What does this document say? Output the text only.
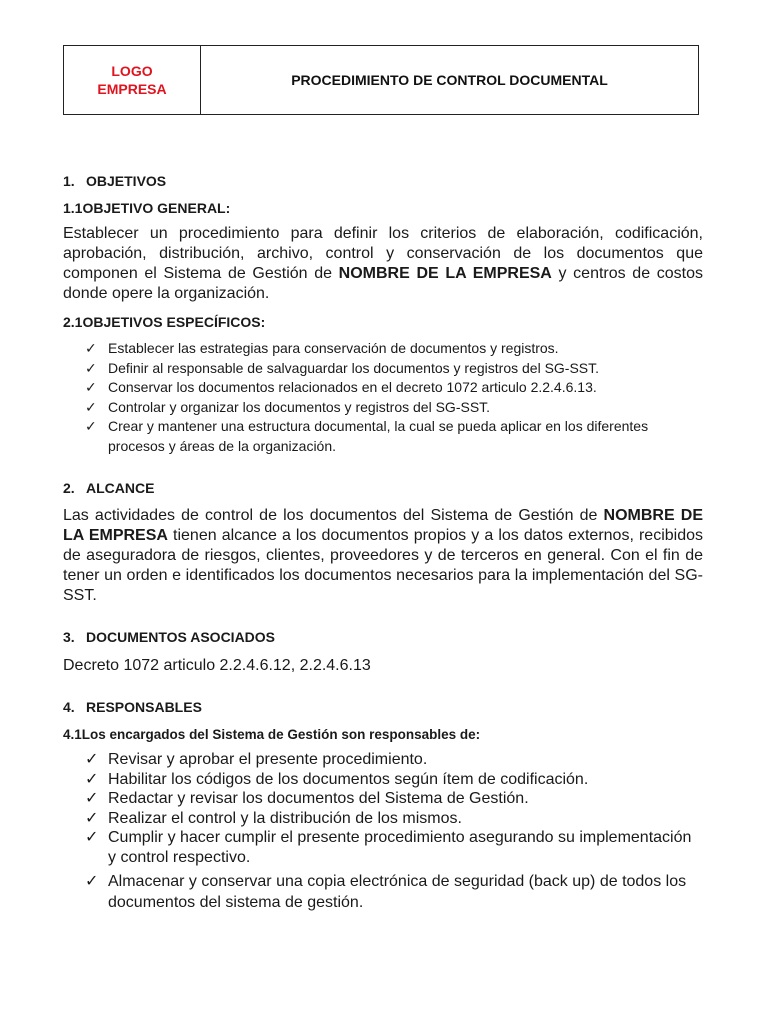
LOGO
EMPRESA
PROCEDIMIENTO DE CONTROL DOCUMENTAL
1. OBJETIVOS
1.1OBJETIVO GENERAL:

Establecer un procedimiento para definir los criterios de elaboración, codificación, aprobación, distribución, archivo, control y conservación de los documentos que componen el Sistema de Gestión de NOMBRE DE LA EMPRESA y centros de costos donde opere la organización.

2.1OBJETIVOS ESPECÍFICOS:
✓ Establecer las estrategias para conservación de documentos y registros.
✓ Definir al responsable de salvaguardar los documentos y registros del SG-SST.
✓ Conservar los documentos relacionados en el decreto 1072 articulo 2.2.4.6.13.
✓ Controlar y organizar los documentos y registros del SG-SST.
✓ Crear y mantener una estructura documental, la cual se pueda aplicar en los diferentes procesos y áreas de la organización.
2. ALCANCE

Las actividades de control de los documentos del Sistema de Gestión de NOMBRE DE LA EMPRESA tienen alcance a los documentos propios y a los datos externos, recibidos de aseguradora de riesgos, clientes, proveedores y de terceros en general. Con el fin de tener un orden e identificados los documentos necesarios para la implementación del SG-SST.

3. DOCUMENTOS ASOCIADOS

Decreto 1072 articulo 2.2.4.6.12, 2.2.4.6.13

4. RESPONSABLES
4.1Los encargados del Sistema de Gestión son responsables de:
✓ Revisar y aprobar el presente procedimiento.
✓ Habilitar los códigos de los documentos según ítem de codificación.
✓ Redactar y revisar los documentos del Sistema de Gestión.
✓ Realizar el control y la distribución de los mismos.
✓ Cumplir y hacer cumplir el presente procedimiento asegurando su implementación y control respectivo.
✓ Almacenar y conservar una copia electrónica de seguridad (back up) de todos los documentos del sistema de gestión.
